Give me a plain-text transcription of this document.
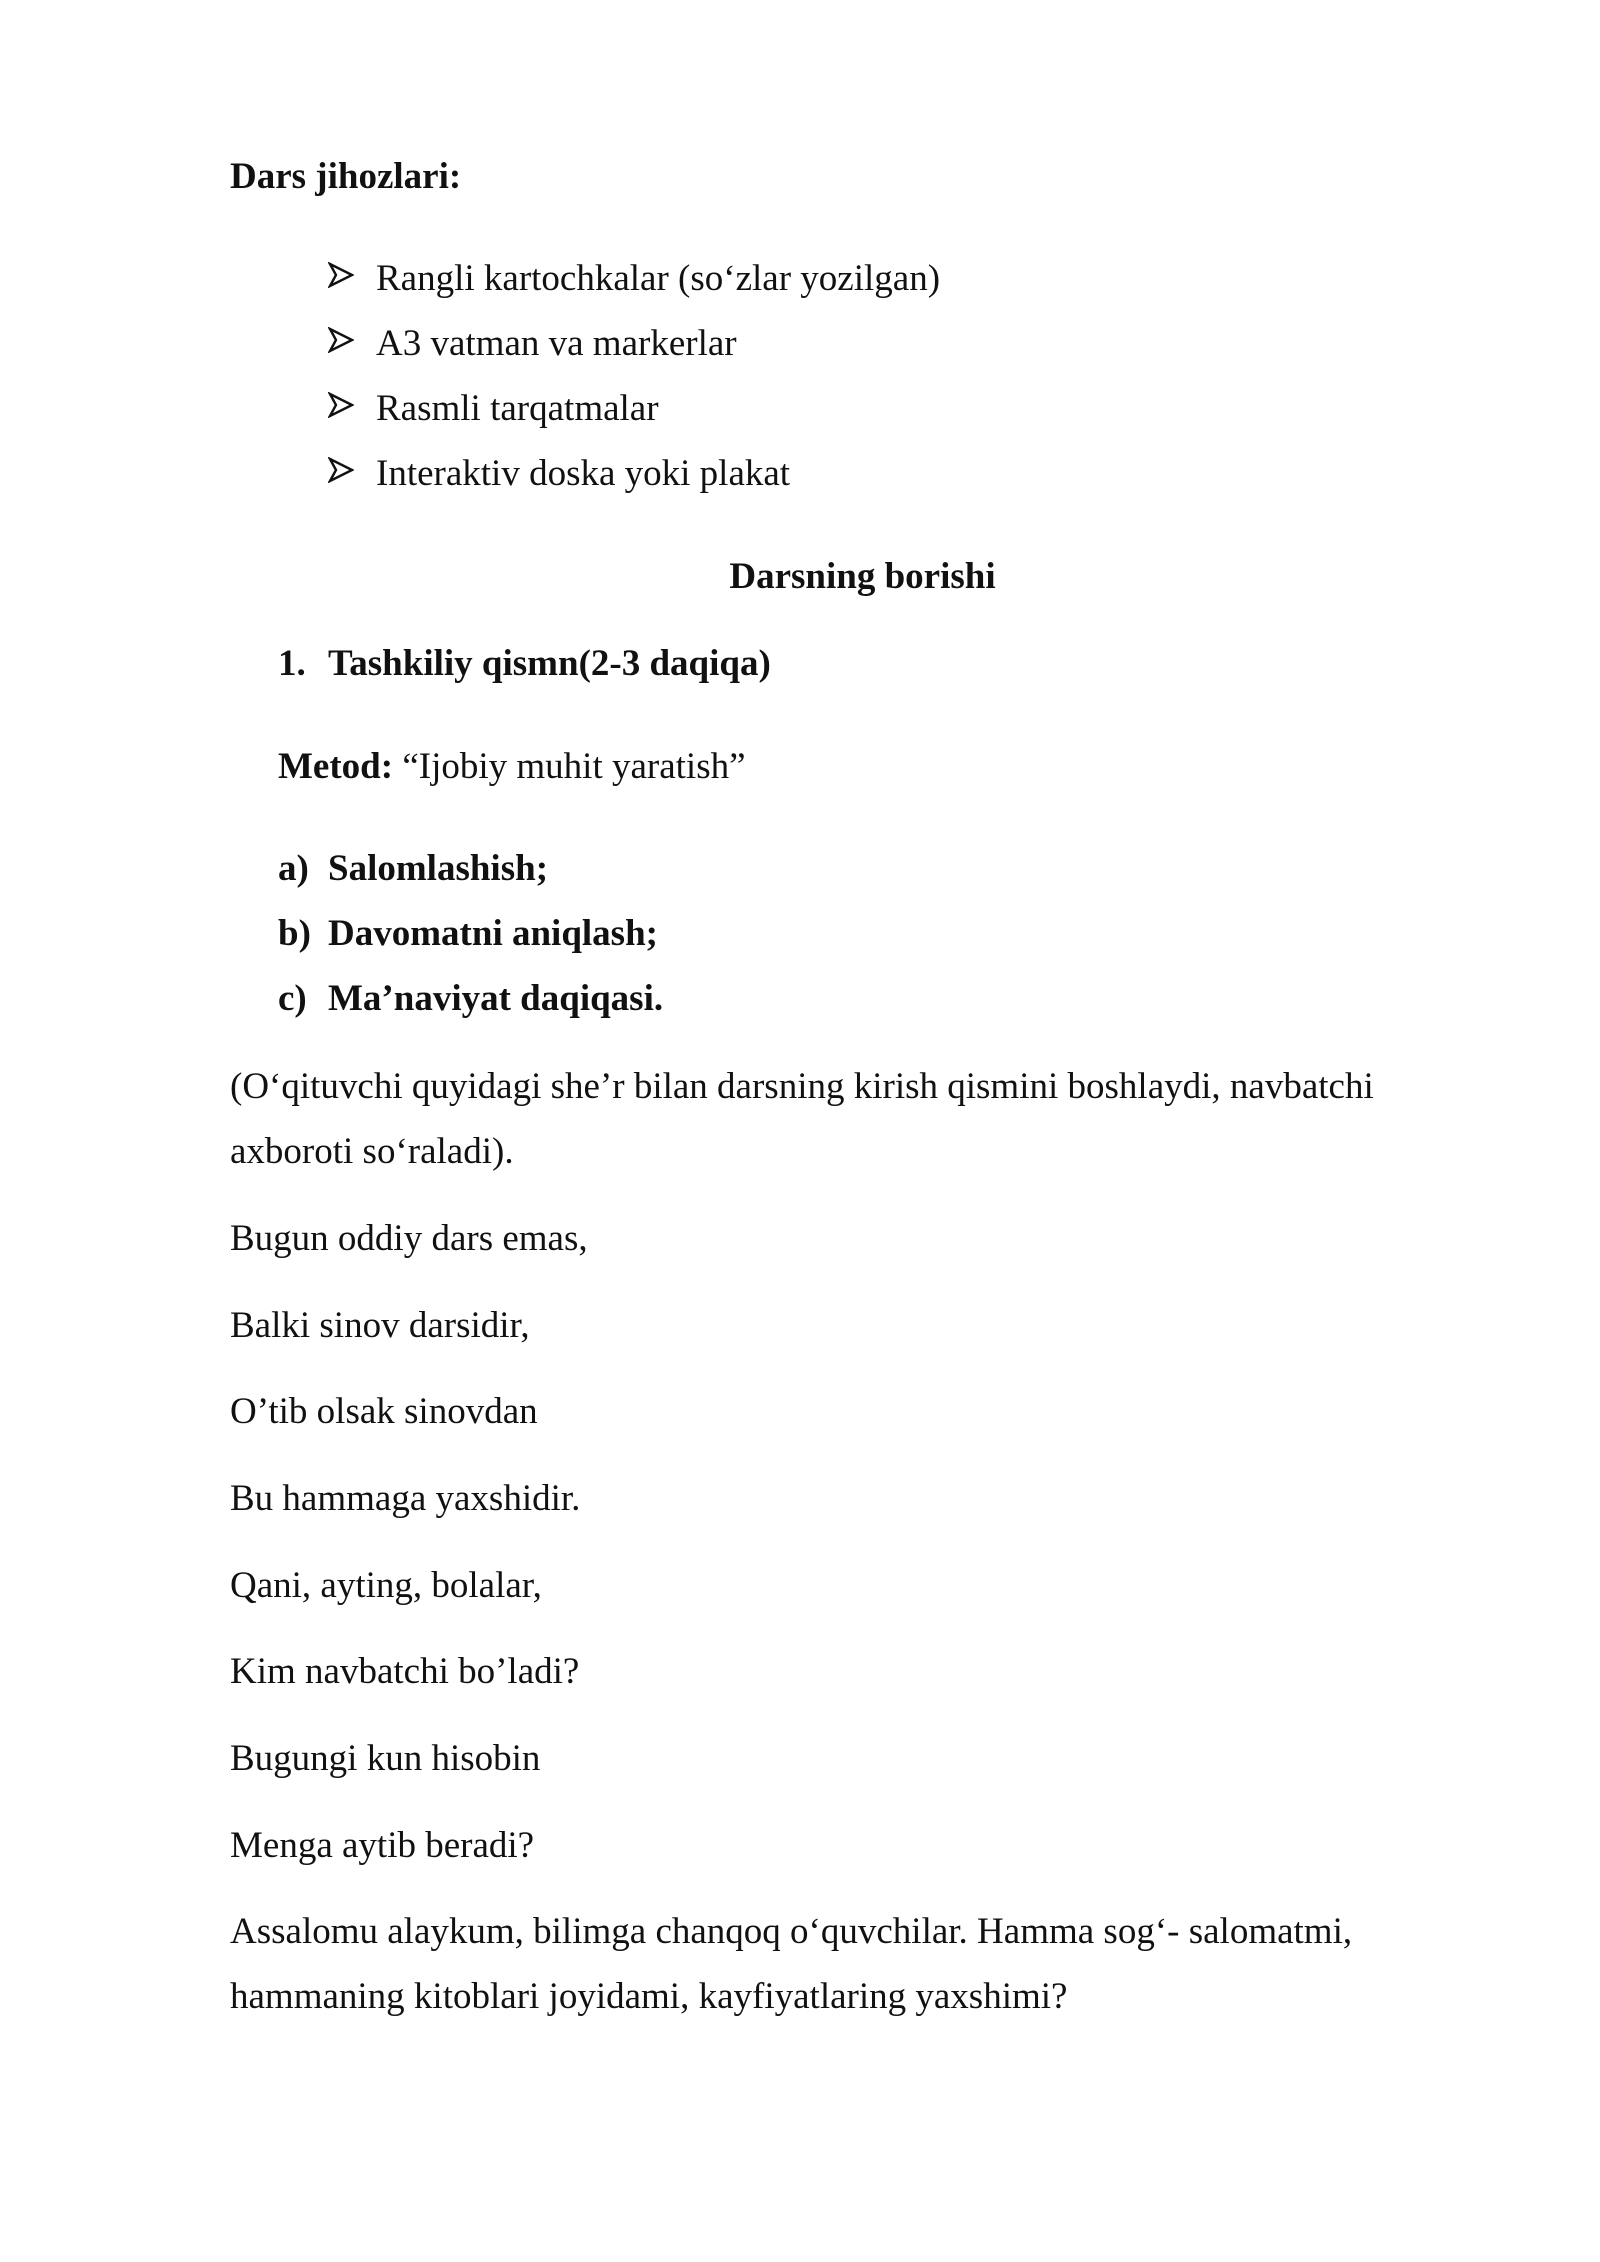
Dars jihozlari:
Rangli kartochkalar (so‘zlar yozilgan)
A3 vatman va markerlar
Rasmli tarqatmalar
Interaktiv doska yoki plakat
Darsning borishi
1. Tashkiliy qismn(2-3 daqiqa)
Metod: “Ijobiy muhit yaratish”
a) Salomlashish;
b) Davomatni aniqlash;
c) Ma’naviyat daqiqasi.
(O‘qituvchi quyidagi she’r bilan darsning kirish qismini boshlaydi, navbatchi
axboroti so‘raladi).
Bugun oddiy dars emas,
Balki sinov darsidir,
O’tib olsak sinovdan
Bu hammaga yaxshidir.
Qani, ayting, bolalar,
Kim navbatchi bo’ladi?
Bugungi kun hisobin
Menga aytib beradi?
Assalomu alaykum, bilimga chanqoq o‘quvchilar. Hamma sog‘- salomatmi,
hammaning kitoblari joyidami, kayfiyatlaring yaxshimi?
